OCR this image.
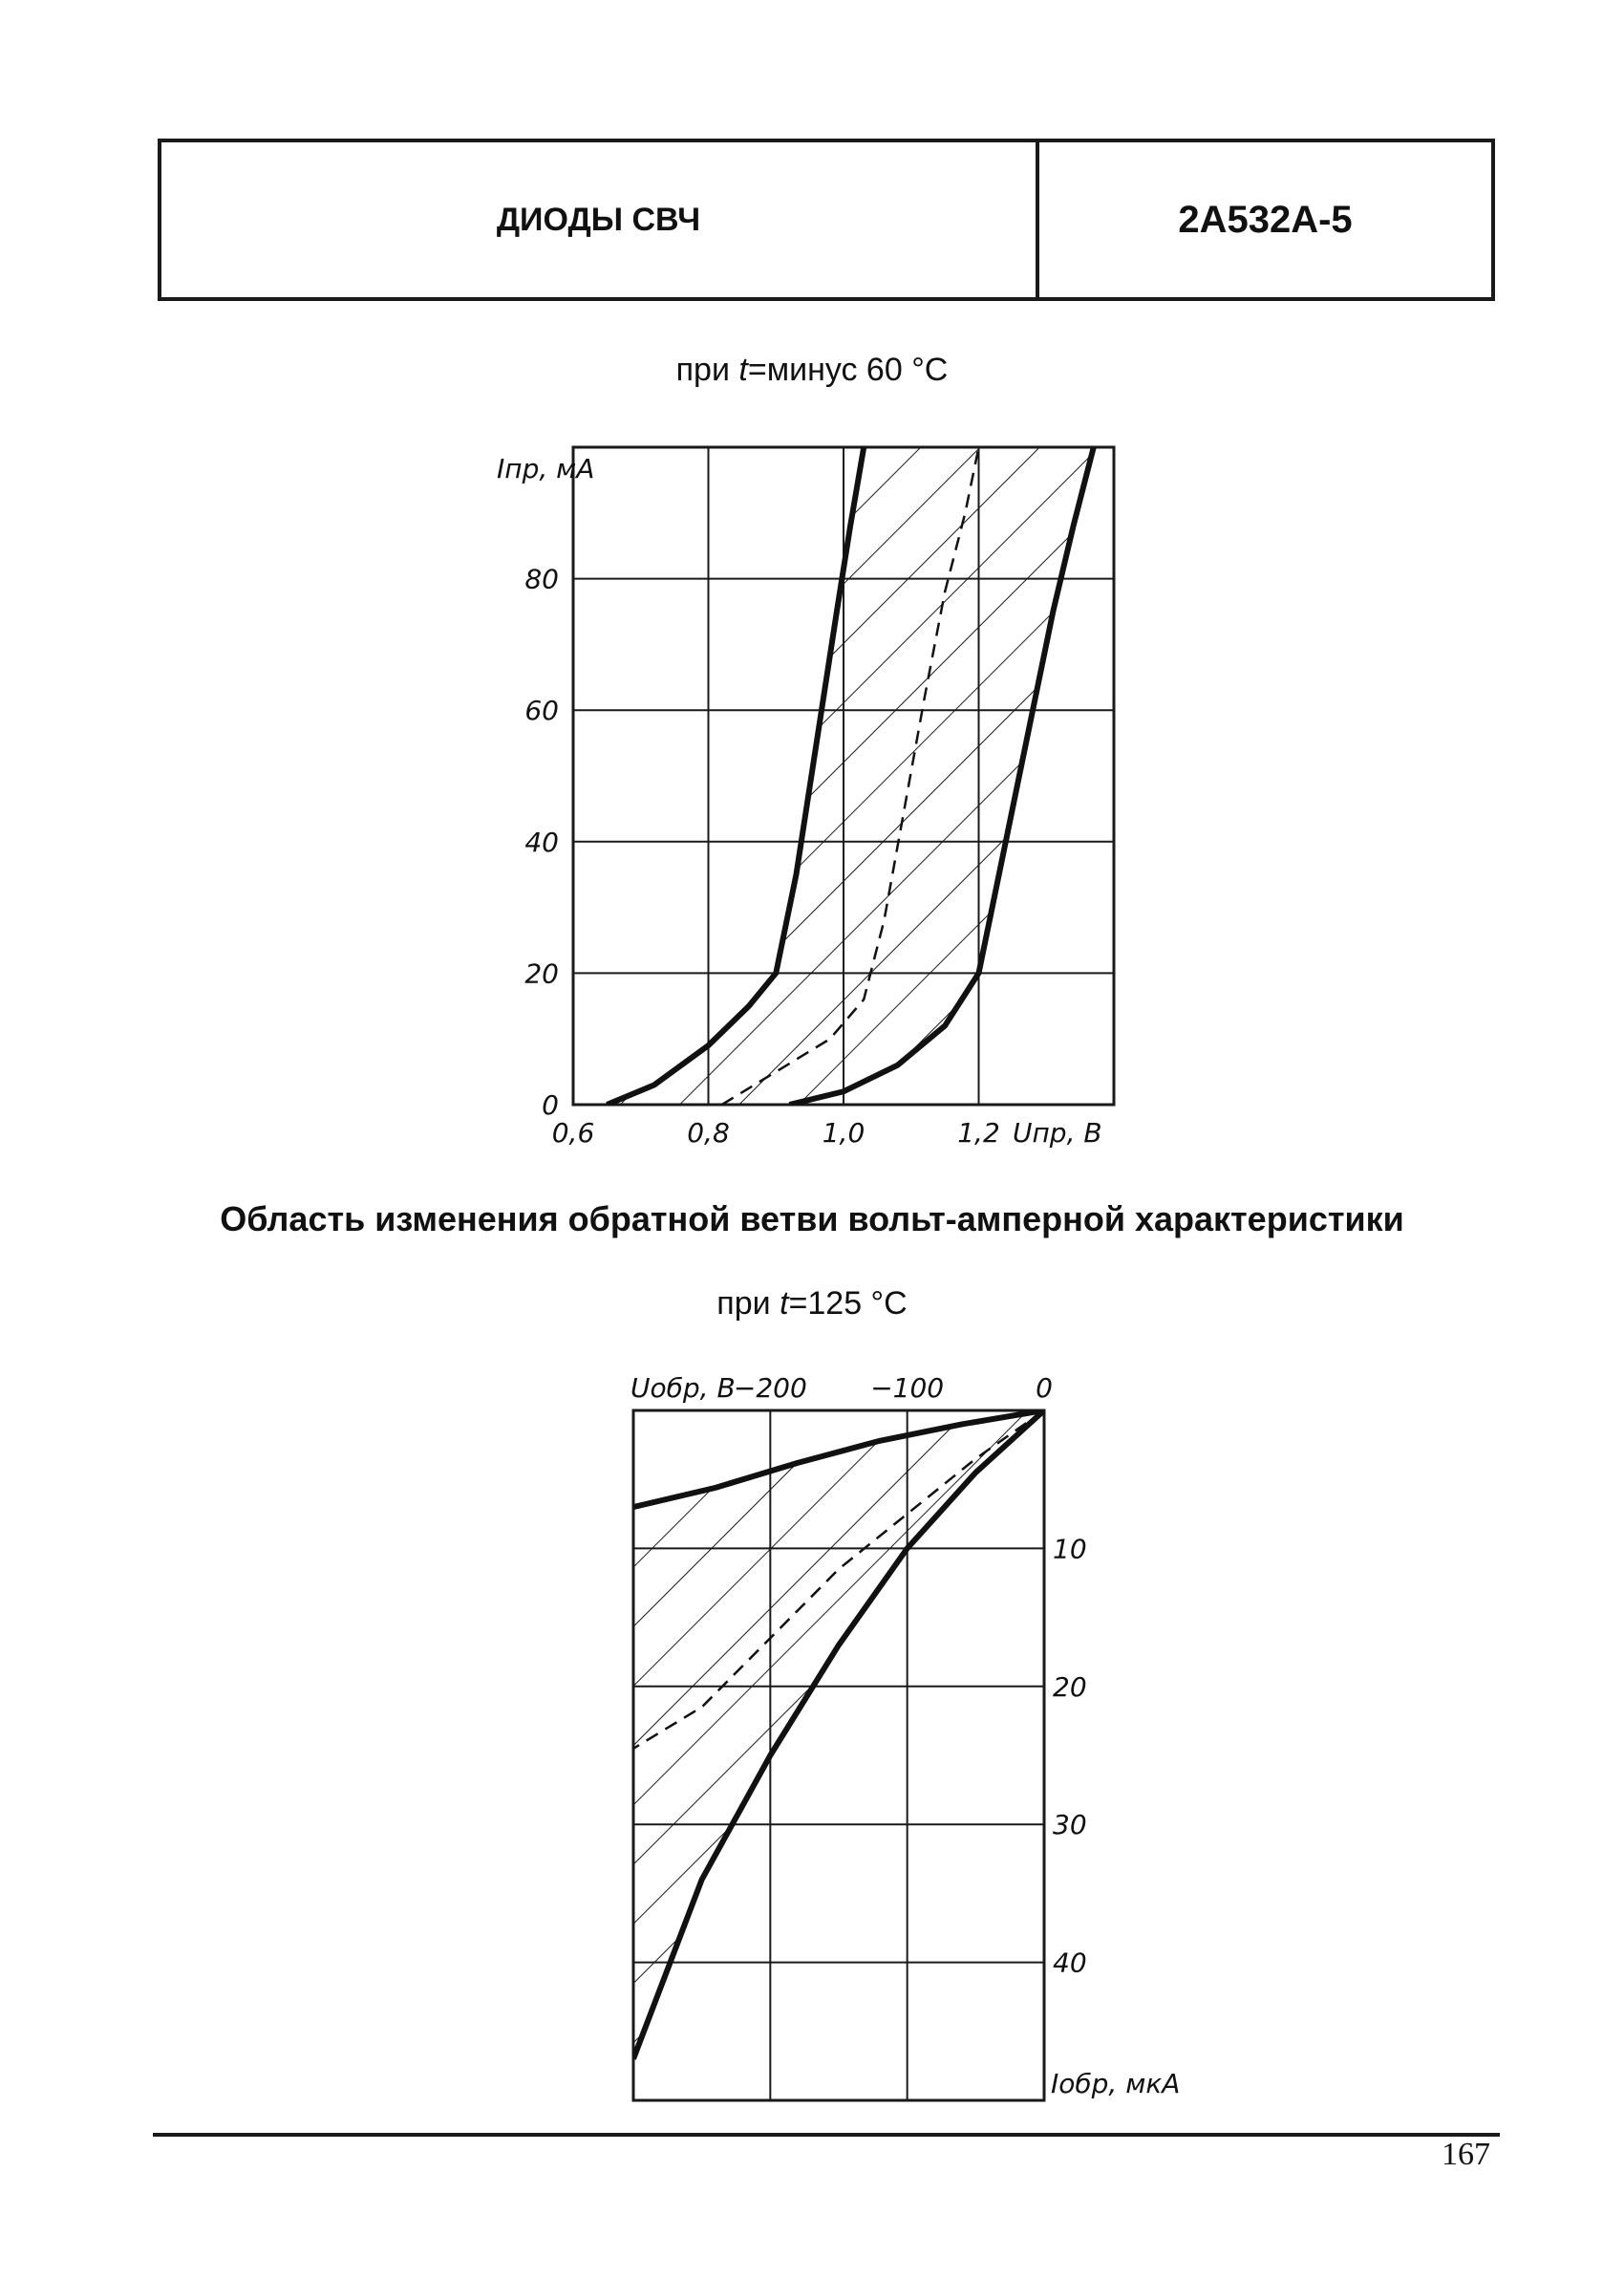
ДИОДЫ СВЧ	2А532А-5
при t=минус 60 °С
Область изменения обратной ветви вольт-амперной характеристики
при t=125 °С
0,6	0,8	1,0	1,2
0
20
40
60
80
Iпр, мА
Uпр, В
−200 −100	0
10
20
30
40
Iобр, мкА
Uобр, В
167
